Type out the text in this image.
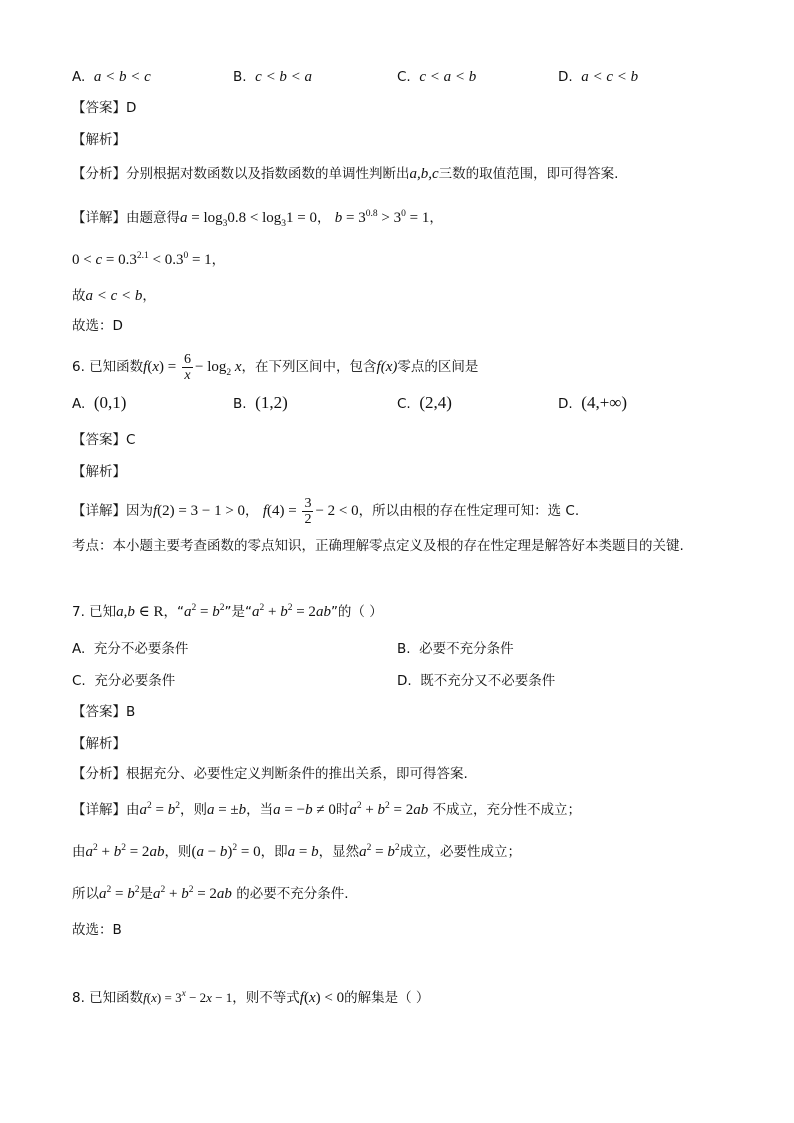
A. a < b < c	B. c < b < a	C. c < a < b	D. a < c < b
【答案】D
【解析】
【分析】分别根据对数函数以及指数函数的单调性判断出a,b,c三数的取值范围，即可得答案.
【详解】由题意得$a = \log_30.8 < \log_31 = 0$， $b = 3^{0.8} > 3^0 = 1$，
$0 < c = 0.3^{2.1} < 0.3^0 = 1$，
故a < c < b，
故选：D
6. 已知函数$f(x) = \frac{6}{x} - \log_2 x$，在下列区间中，包含f(x)零点的区间是
A. (0,1)	B. (1,2)	C. (2,4)	D. (4,+∞)
【答案】C
【解析】
【详解】因为f(2) = 3 − 1 > 0， $f(4) = \frac{3}{2} - 2 < 0$，所以由根的存在性定理可知：选 C.
考点：本小题主要考查函数的零点知识，正确理解零点定义及根的存在性定理是解答好本类题目的关键.
7. 已知a,b ∈ R，“$a^2 = b^2$”是“$a^2 + b^2 = 2ab$”的（ ）
A. 充分不必要条件	B. 必要不充分条件
C. 充分必要条件	D. 既不充分又不必要条件
【答案】B
【解析】
【分析】根据充分、必要性定义判断条件的推出关系，即可得答案.
【详解】由$a^2 = b^2$，则a = ±b，当a = −b ≠ 0时$a^2 + b^2 = 2ab$ 不成立，充分性不成立；
由$a^2 + b^2 = 2ab$，则$(a - b)^2 = 0$，即a = b，显然$a^2 = b^2$成立，必要性成立；
所以$a^2 = b^2$是$a^2 + b^2 = 2ab$ 的必要不充分条件.
故选：B
8. 已知函数$f(x) = 3^x - 2x - 1$，则不等式f(x) < 0的解集是（ ）
